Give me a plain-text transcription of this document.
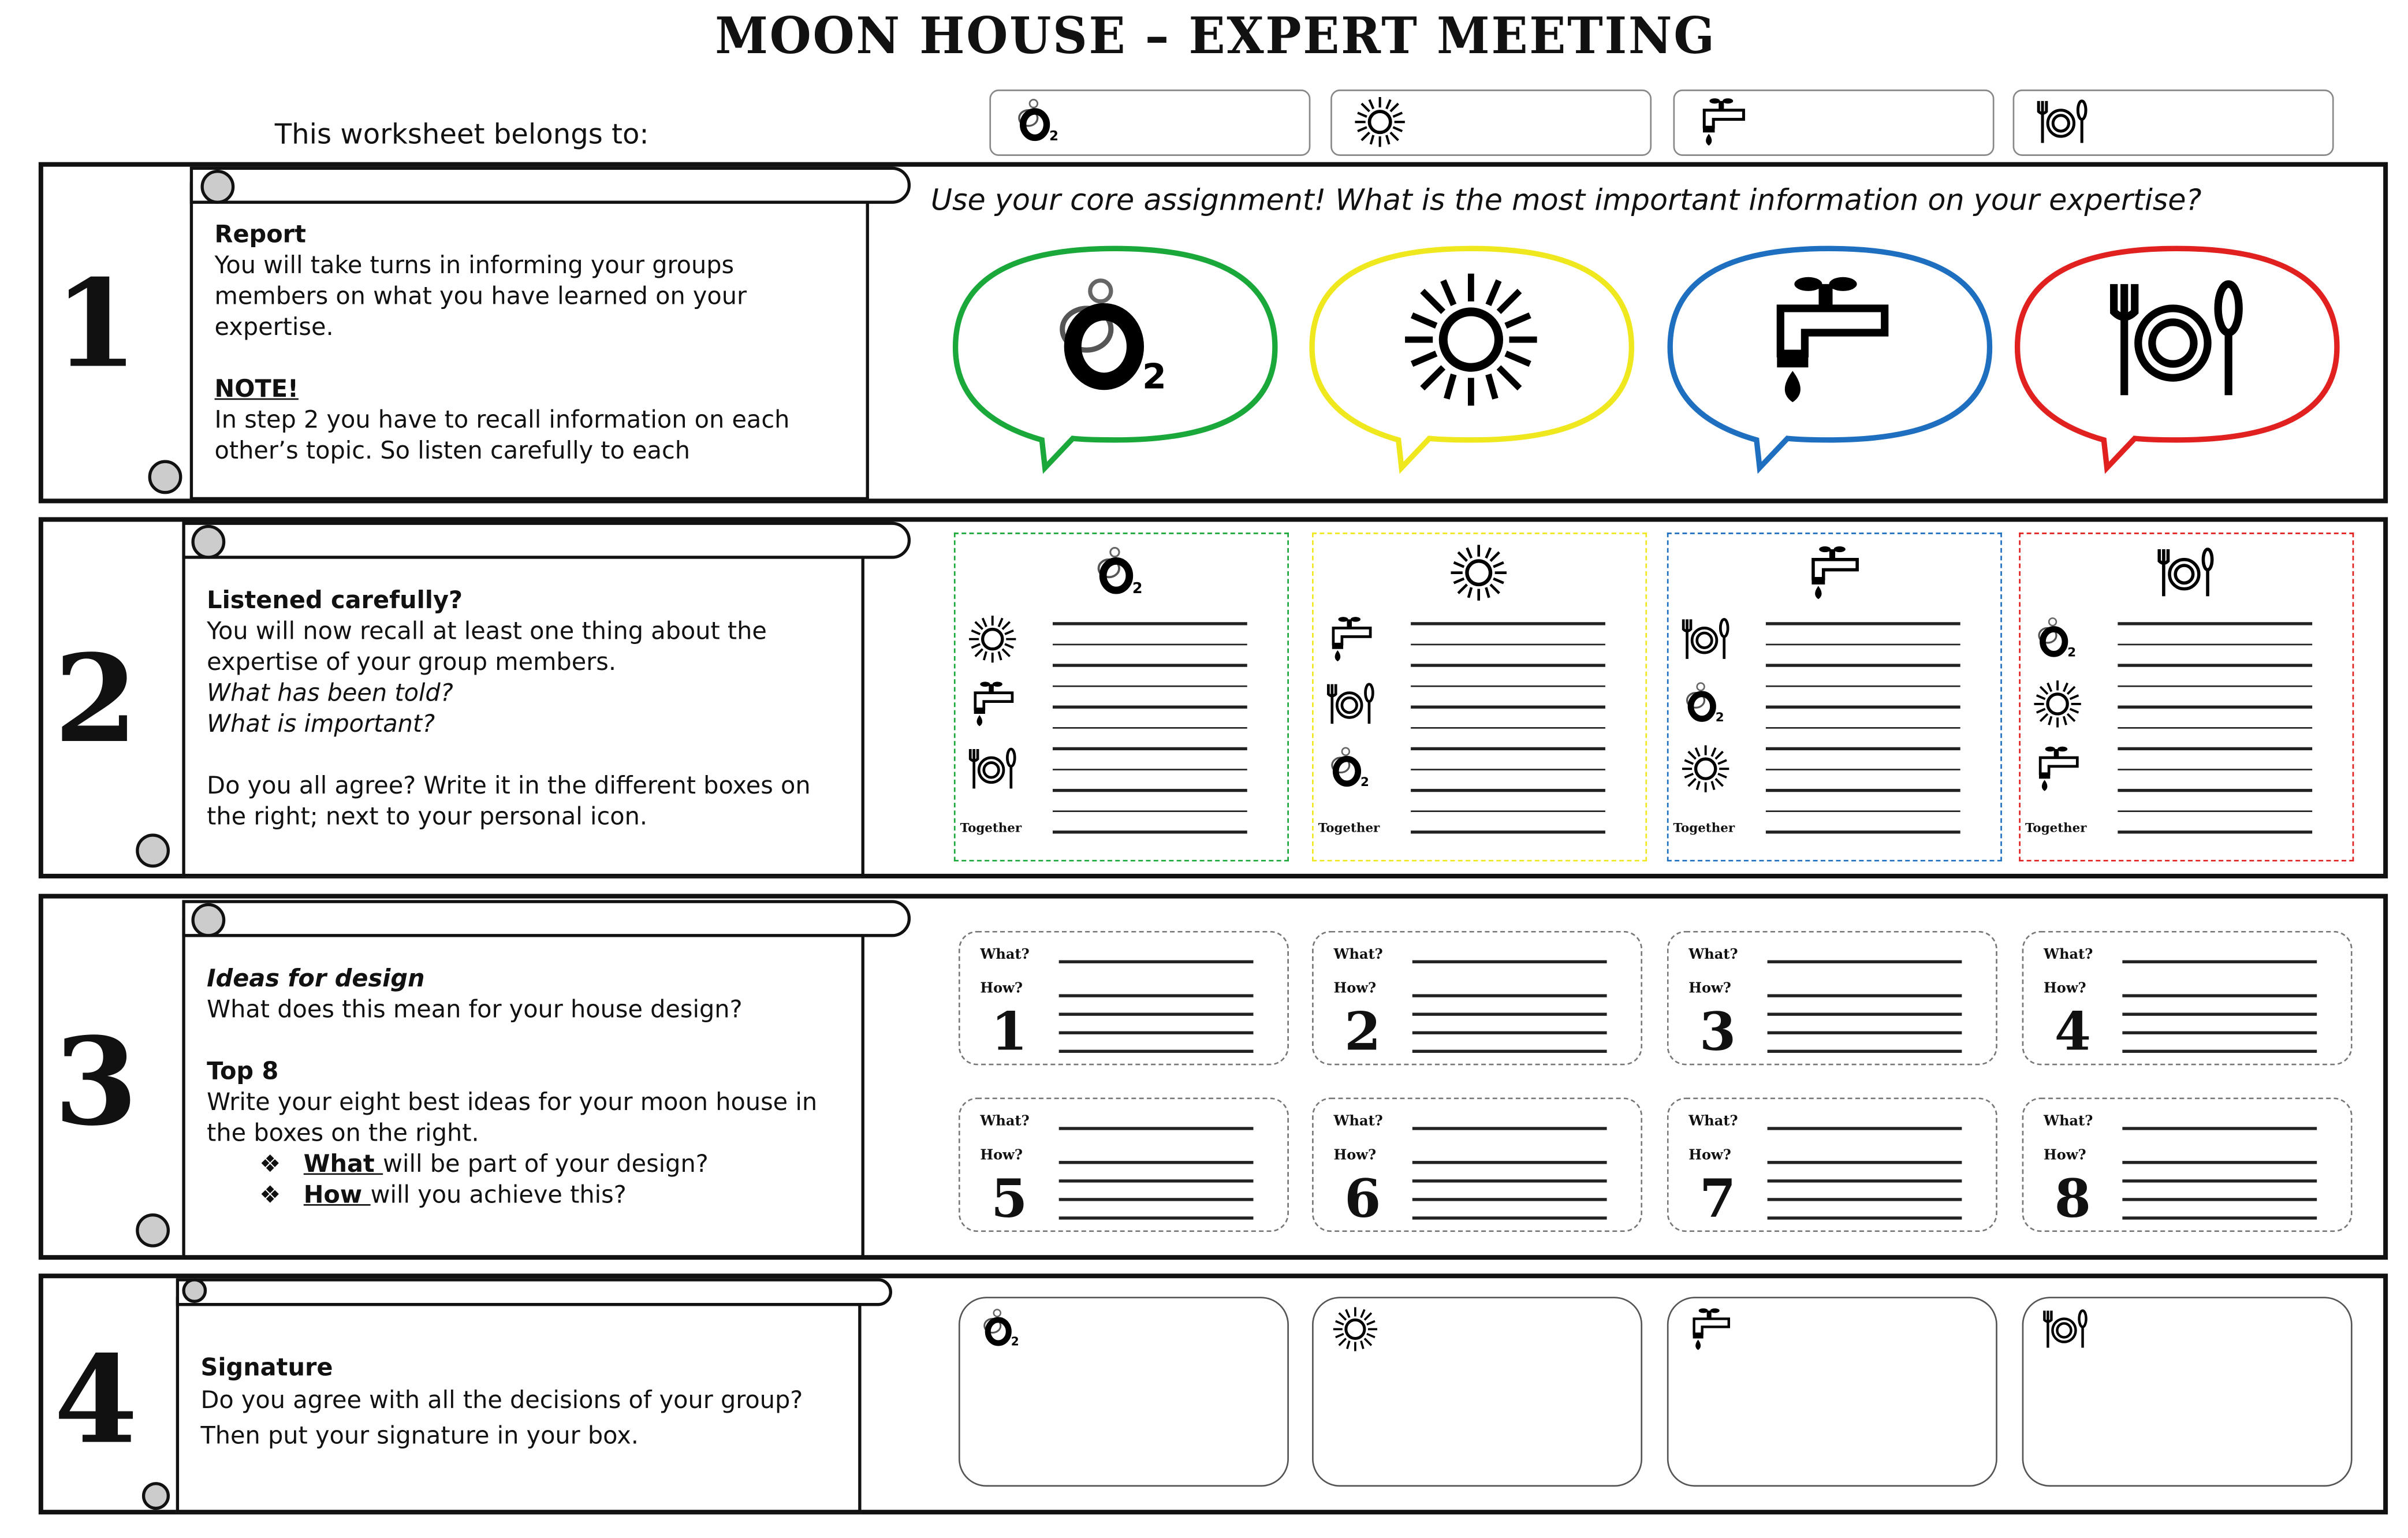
MOON HOUSE – EXPERT MEETING
This worksheet belongs to:
1
2
3
4
Report
You will take turns in informing your groups members on what you have learned on your expertise.
NOTE!
In step 2 you have to recall information on each other’s topic. So listen carefully to each
Use your core assignment! What is the most important information on your expertise?
Listened carefully?
You will now recall at least one thing about the expertise of your group members.
What has been told?
What is important?
Do you all agree? Write it in the different boxes on the right; next to your personal icon.
Ideas for design
What does this mean for your house design?
Top 8
Write your eight best ideas for your moon house in the boxes on the right.
❖   What will be part of your design?
❖   How will you achieve this?
Signature
Do you agree with all the decisions of your group? Then put your signature in your box.
Together	Together	Together	Together
What?
How?
1
What?
How?
2
What?
How?
3
What?
How?
4
What?
How?
5
What?
How?
6
What?
How?
7
What?
How?
8
